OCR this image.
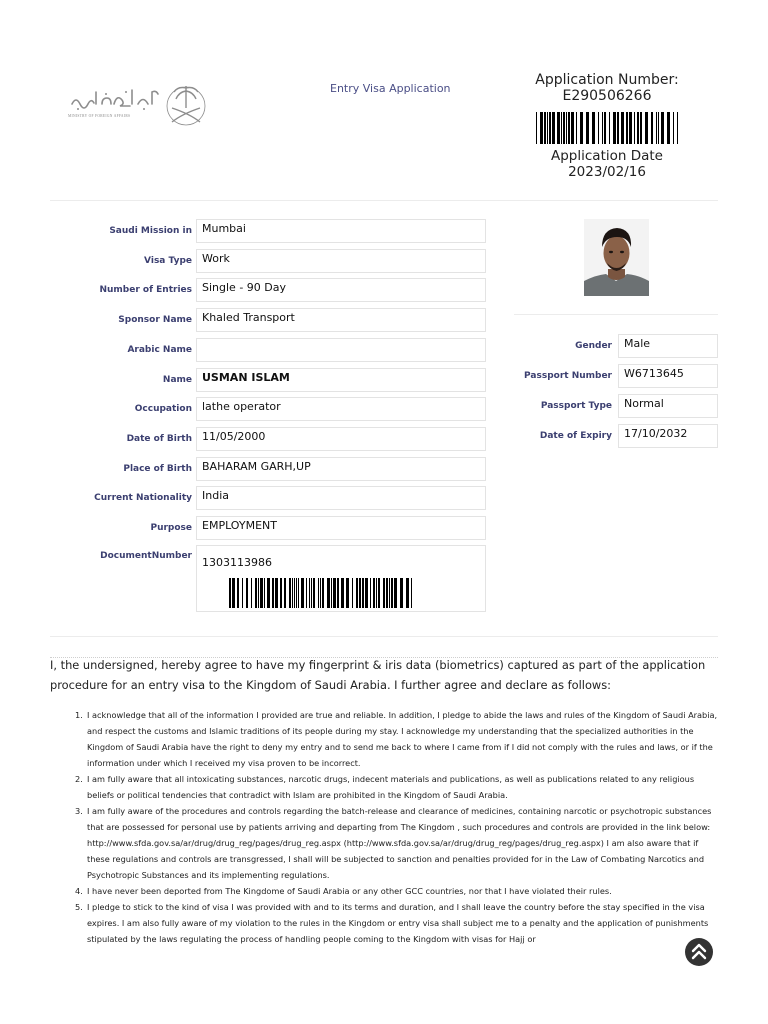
MINISTRY OF FOREIGN AFFAIRS
Entry Visa Application
Application Number:
E290506266
Application Date
2023/02/16
Saudi Mission in Mumbai
Visa Type Work
Number of Entries Single - 90 Day
Sponsor Name Khaled Transport
Arabic Name
Name USMAN ISLAM
Occupation lathe operator
Date of Birth 11/05/2000
Place of Birth BAHARAM GARH,UP
Current Nationality India
Purpose EMPLOYMENT
DocumentNumber 1303113986
Gender	Male
Passport Number	W6713645
Passport Type	Normal
Date of Expiry	17/10/2032
I, the undersigned, hereby agree to have my fingerprint & iris data (biometrics) captured as part of the application procedure for an entry visa to the Kingdom of Saudi Arabia. I further agree and declare as follows:
1. I acknowledge that all of the information I provided are true and reliable. In addition, I pledge to abide the laws and rules of the Kingdom of Saudi Arabia, and respect the customs and Islamic traditions of its people during my stay. I acknowledge my understanding that the specialized authorities in the Kingdom of Saudi Arabia have the right to deny my entry and to send me back to where I came from if I did not comply with the rules and laws, or if the information under which I received my visa proven to be incorrect.
2. I am fully aware that all intoxicating substances, narcotic drugs, indecent materials and publications, as well as publications related to any religious beliefs or political tendencies that contradict with Islam are prohibited in the Kingdom of Saudi Arabia.
3. I am fully aware of the procedures and controls regarding the batch-release and clearance of medicines, containing narcotic or psychotropic substances that are possessed for personal use by patients arriving and departing from The Kingdom , such procedures and controls are provided in the link below: http://www.sfda.gov.sa/ar/drug/drug_reg/pages/drug_reg.aspx (http://www.sfda.gov.sa/ar/drug/drug_reg/pages/drug_reg.aspx) I am also aware that if these regulations and controls are transgressed, I shall will be subjected to sanction and penalties provided for in the Law of Combating Narcotics and Psychotropic Substances and its implementing regulations.
4. I have never been deported from The Kingdome of Saudi Arabia or any other GCC countries, nor that I have violated their rules.
5. I pledge to stick to the kind of visa I was provided with and to its terms and duration, and I shall leave the country before the stay specified in the visa expires. I am also fully aware of my violation to the rules in the Kingdom or entry visa shall subject me to a penalty and the application of punishments stipulated by the laws regulating the process of handling people coming to the Kingdom with visas for Hajj or
